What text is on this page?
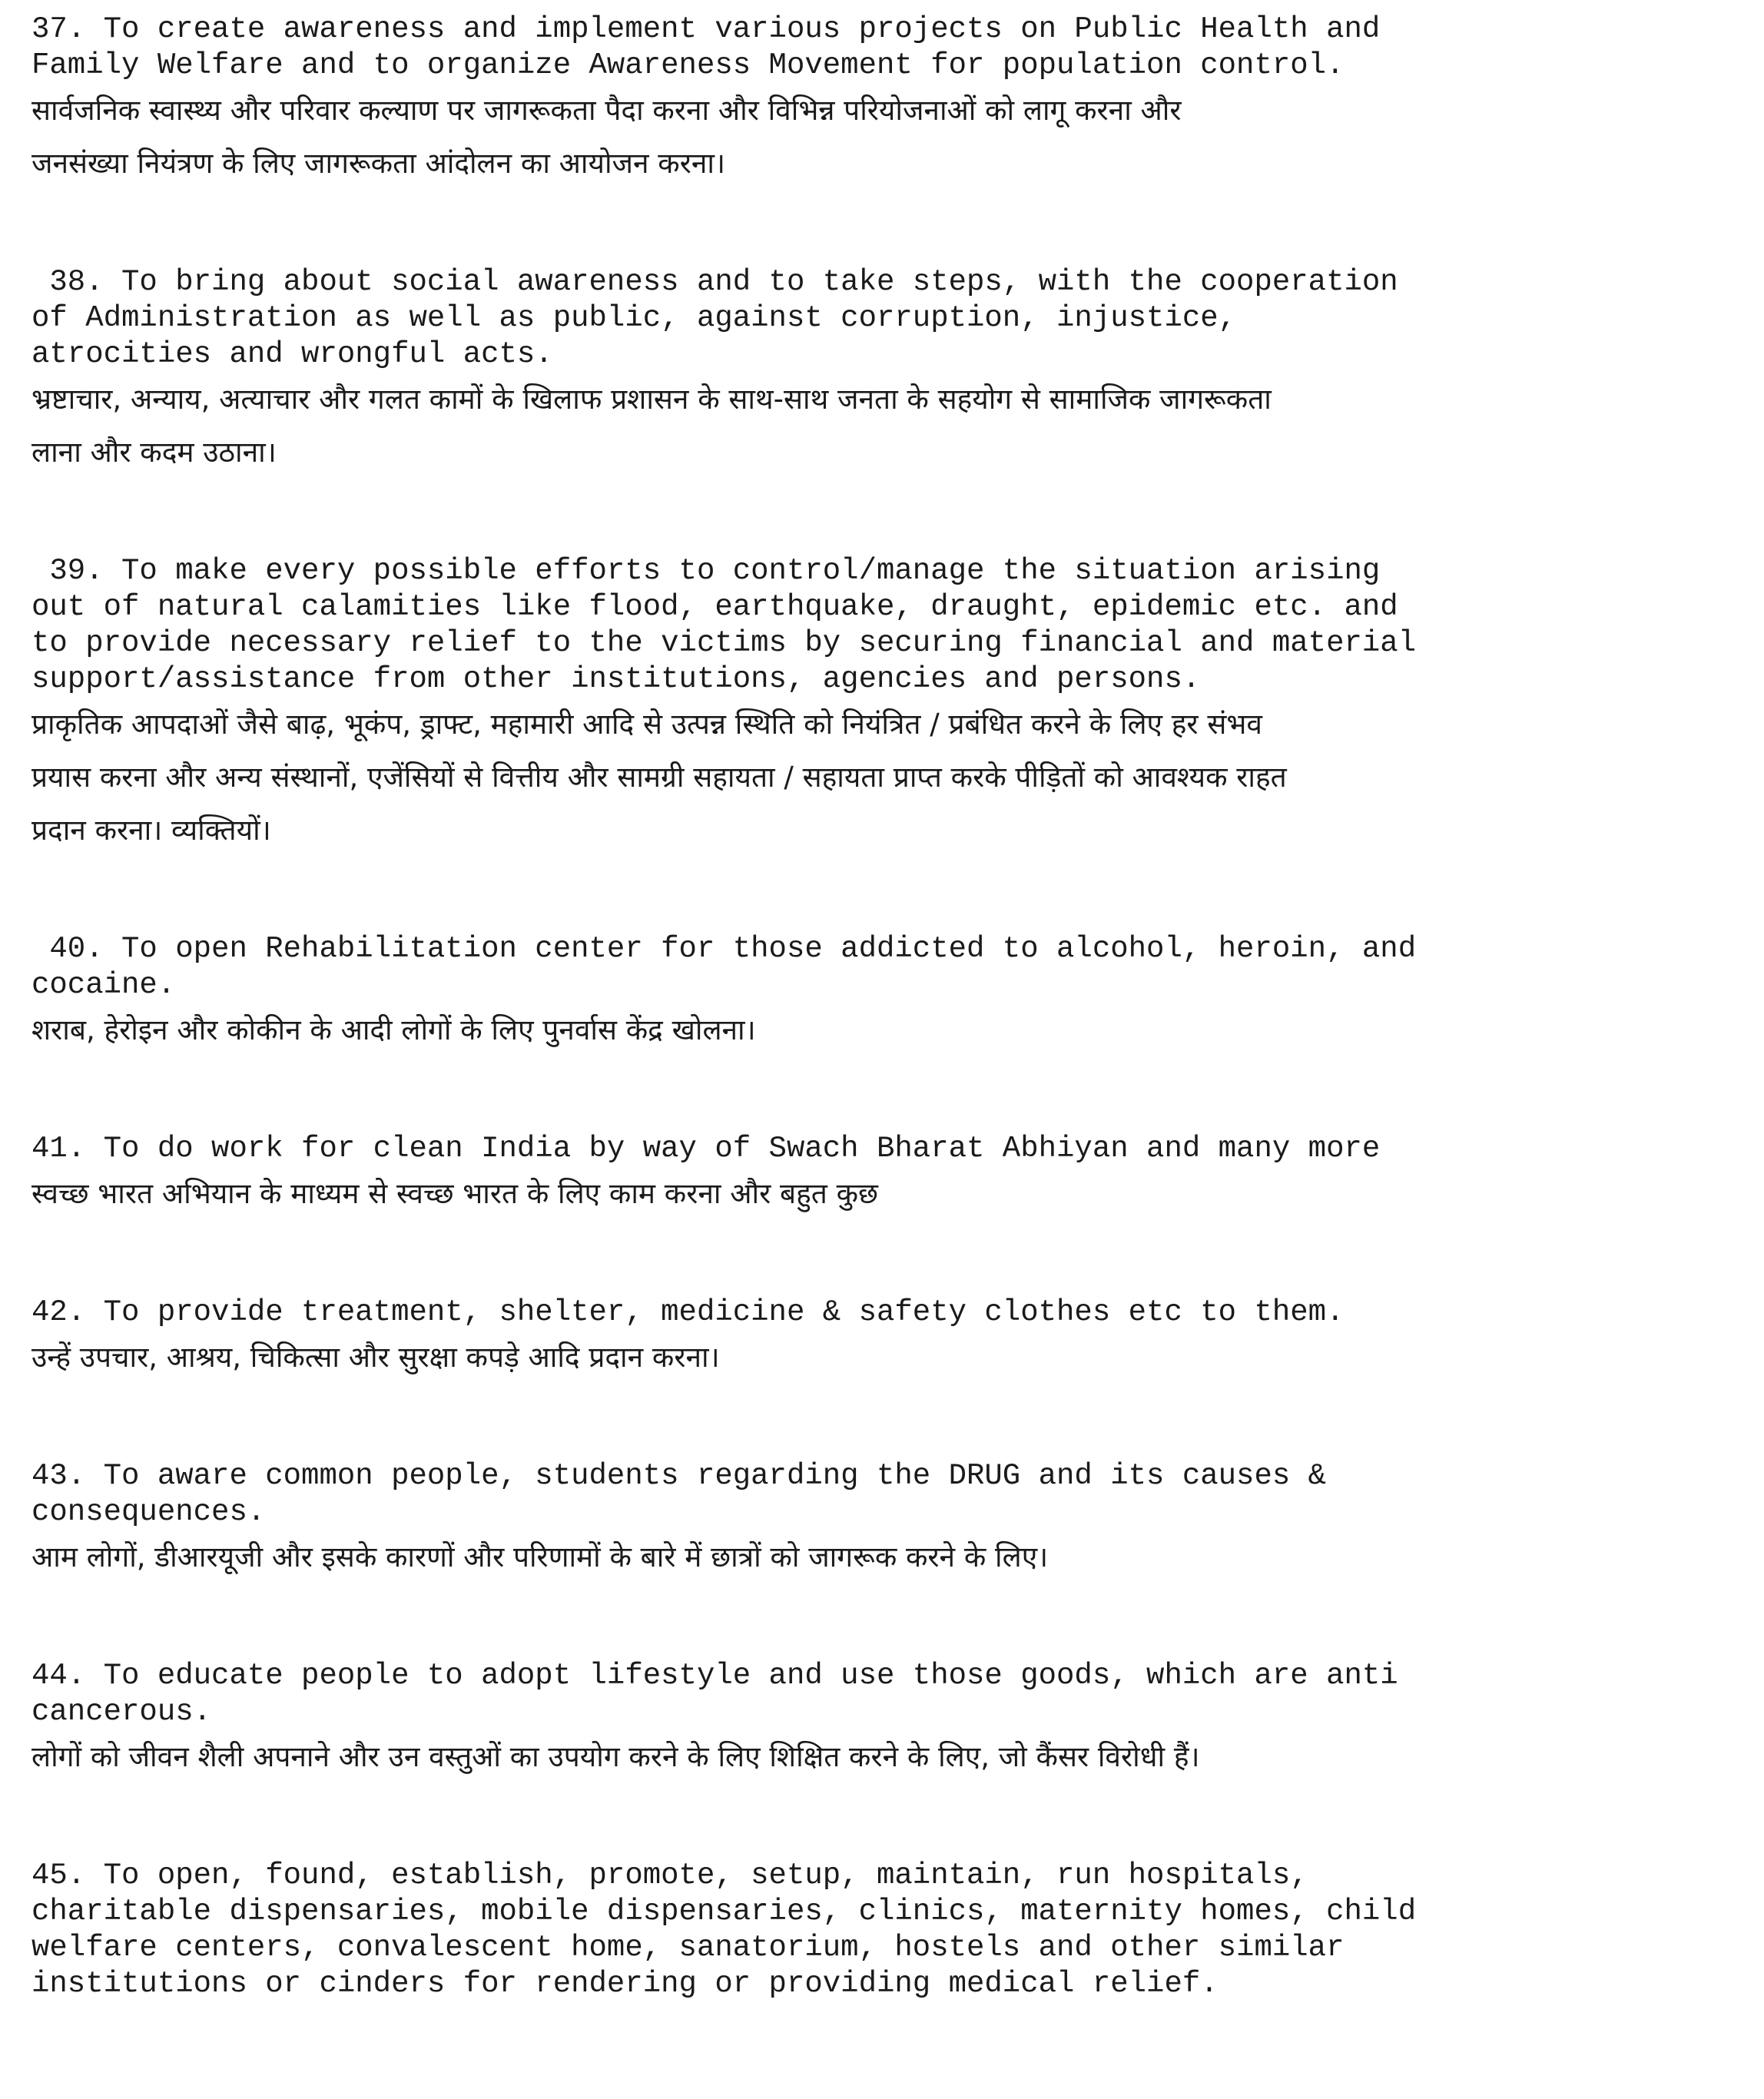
37. To create awareness and implement various projects on Public Health and
Family Welfare and to organize Awareness Movement for population control.

सार्वजनिक स्वास्थ्य और परिवार कल्याण पर जागरूकता पैदा करना और विभिन्न परियोजनाओं को लागू करना और

जनसंख्या नियंत्रण के लिए जागरूकता आंदोलन का आयोजन करना।

38. To bring about social awareness and to take steps, with the cooperation
of Administration as well as public, against corruption, injustice,
atrocities and wrongful acts.

भ्रष्टाचार, अन्याय, अत्याचार और गलत कामों के खिलाफ प्रशासन के साथ-साथ जनता के सहयोग से सामाजिक जागरूकता

लाना और कदम उठाना।

39. To make every possible efforts to control/manage the situation arising
out of natural calamities like flood, earthquake, draught, epidemic etc. and
to provide necessary relief to the victims by securing financial and material
support/assistance from other institutions, agencies and persons.

प्राकृतिक आपदाओं जैसे बाढ़, भूकंप, ड्राफ्ट, महामारी आदि से उत्पन्न स्थिति को नियंत्रित / प्रबंधित करने के लिए हर संभव

प्रयास करना और अन्य संस्थानों, एजेंसियों से वित्तीय और सामग्री सहायता / सहायता प्राप्त करके पीड़ितों को आवश्यक राहत

प्रदान करना। व्यक्तियों।

40. To open Rehabilitation center for those addicted to alcohol, heroin, and
cocaine.

शराब, हेरोइन और कोकीन के आदी लोगों के लिए पुनर्वास केंद्र खोलना।

41. To do work for clean India by way of Swach Bharat Abhiyan and many more

स्वच्छ भारत अभियान के माध्यम से स्वच्छ भारत के लिए काम करना और बहुत कुछ

42. To provide treatment, shelter, medicine & safety clothes etc to them.

उन्हें उपचार, आश्रय, चिकित्सा और सुरक्षा कपड़े आदि प्रदान करना।

43. To aware common people, students regarding the DRUG and its causes &
consequences.

आम लोगों, डीआरयूजी और इसके कारणों और परिणामों के बारे में छात्रों को जागरूक करने के लिए।

44. To educate people to adopt lifestyle and use those goods, which are anti
cancerous.

लोगों को जीवन शैली अपनाने और उन वस्तुओं का उपयोग करने के लिए शिक्षित करने के लिए, जो कैंसर विरोधी हैं।

45. To open, found, establish, promote, setup, maintain, run hospitals,
charitable dispensaries, mobile dispensaries, clinics, maternity homes, child
welfare centers, convalescent home, sanatorium, hostels and other similar
institutions or cinders for rendering or providing medical relief.
